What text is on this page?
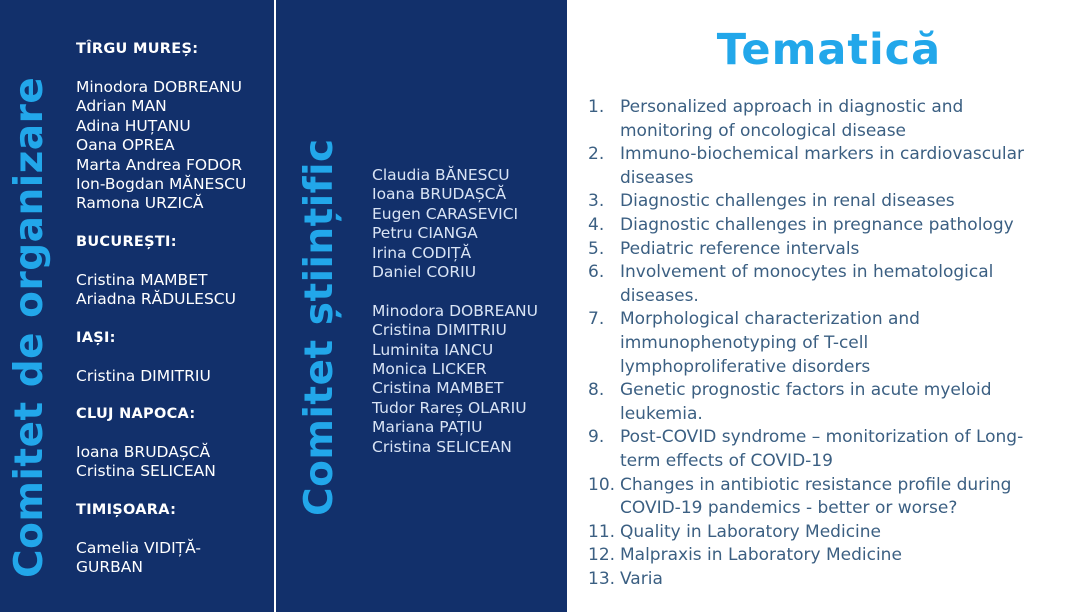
Comitet de organizare	Comitet științific
TÎRGU MUREȘ:
Minodora DOBREANU
Adrian MAN
Adina HUȚANU
Oana OPREA
Marta Andrea FODOR
Ion-Bogdan MĂNESCU
Ramona URZICĂ
BUCUREȘTI:
Cristina MAMBET
Ariadna RĂDULESCU
IAȘI:
Cristina DIMITRIU
CLUJ NAPOCA:
Ioana BRUDAȘCĂ
Cristina SELICEAN
TIMIȘOARA:
Camelia VIDIȚĂ-
GURBAN
Claudia BĂNESCU
Ioana BRUDAȘCĂ
Eugen CARASEVICI
Petru CIANGA
Irina CODIȚĂ
Daniel CORIU
Minodora DOBREANU
Cristina DIMITRIU
Luminita IANCU
Monica LICKER
Cristina MAMBET
Tudor Rareș OLARIU
Mariana PAȚIU
Cristina SELICEAN
Tematică
1. Personalized approach in diagnostic and
monitoring of oncological disease
2. Immuno-biochemical markers in cardiovascular
diseases
3. Diagnostic challenges in renal diseases
4. Diagnostic challenges in pregnance pathology
5. Pediatric reference intervals
6. Involvement of monocytes in hematological
diseases.
7. Morphological characterization and
immunophenotyping of T-cell
lymphoproliferative disorders
8. Genetic prognostic factors in acute myeloid
leukemia.
9. Post-COVID syndrome – monitorization of Long-
term effects of COVID-19
10. Changes in antibiotic resistance profile during
COVID-19 pandemics - better or worse?
11. Quality in Laboratory Medicine
12. Malpraxis in Laboratory Medicine
13. Varia
